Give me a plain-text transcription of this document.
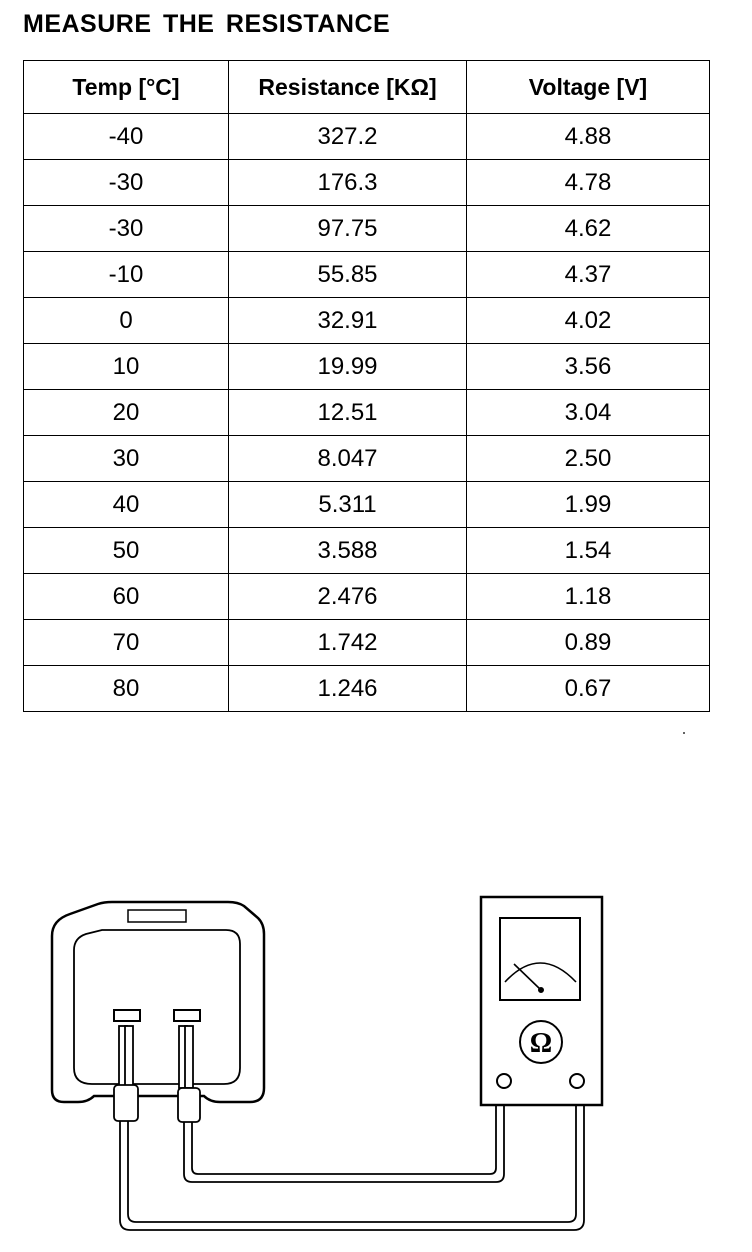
MEASURE THE RESISTANCE
Temp [°C]	Resistance [KΩ]	Voltage [V]
-40	327.2	4.88
-30	176.3	4.78
-30	97.75	4.62
-10	55.85	4.37
0	32.91	4.02
10	19.99	3.56
20	12.51	3.04
30	8.047	2.50
40	5.311	1.99
50	3.588	1.54
60	2.476	1.18
70	1.742	0.89
80	1.246	0.67
Ω
